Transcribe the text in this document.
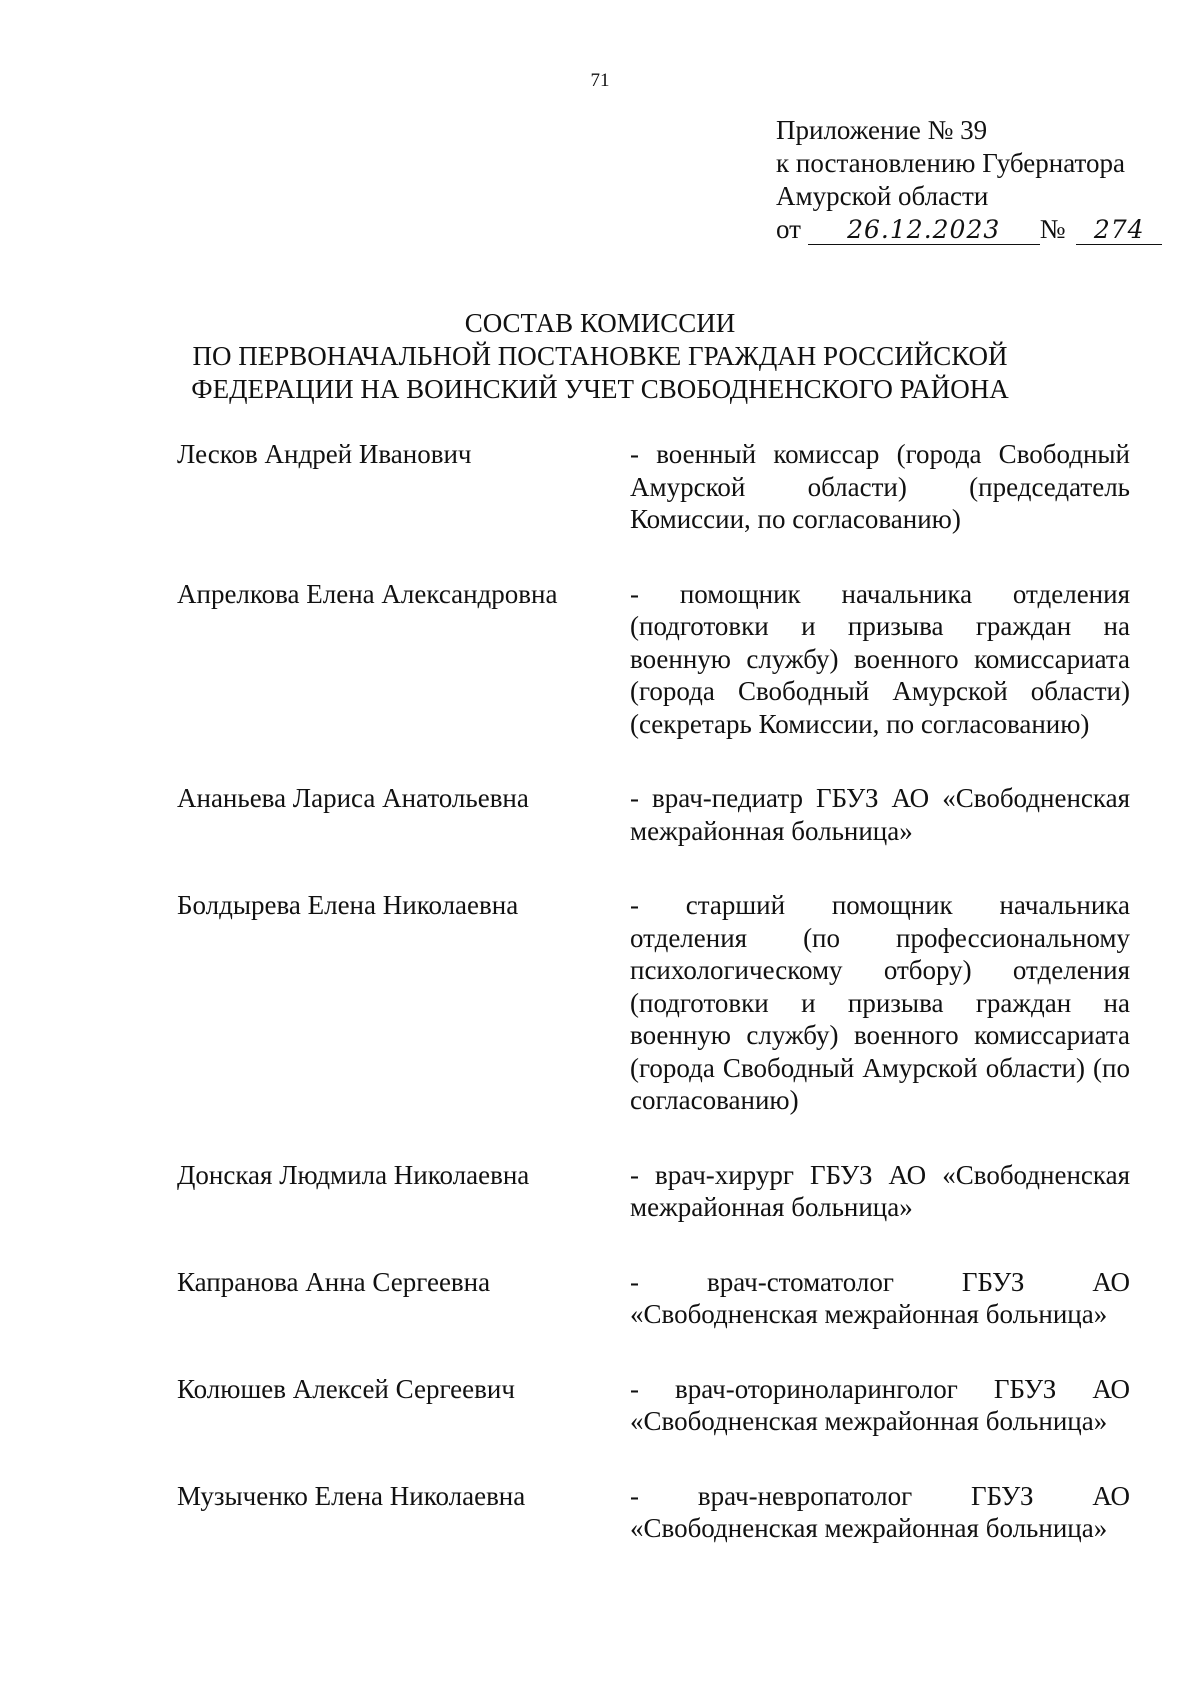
71
Приложение № 39
к постановлению Губернатора
Амурской области
от 26.12.2023 № 274
СОСТАВ КОМИССИИ
ПО ПЕРВОНАЧАЛЬНОЙ ПОСТАНОВКЕ ГРАЖДАН РОССИЙСКОЙ
ФЕДЕРАЦИИ НА ВОИНСКИЙ УЧЕТ СВОБОДНЕНСКОГО РАЙОНА
Лесков Андрей Иванович	- военный комиссар (города Свободный Амурской области) (председатель Комиссии, по согласованию)
Апрелкова Елена Александровна	- помощник начальника отделения (подготовки и призыва граждан на военную службу) военного комиссариата (города Свободный Амурской области) (секретарь Комиссии, по согласованию)
Ананьева Лариса Анатольевна	- врач-педиатр ГБУЗ АО «Свободненская межрайонная больница»
Болдырева Елена Николаевна	- старший помощник начальника отделения (по профессиональному психологическому отбору) отделения (подготовки и призыва граждан на военную службу) военного комиссариата (города Свободный Амурской области) (по согласованию)
Донская Людмила Николаевна	- врач-хирург ГБУЗ АО «Свободненская межрайонная больница»
Капранова Анна Сергеевна	- врач-стоматолог ГБУЗ АО «Свободненская межрайонная больница»
Колюшев Алексей Сергеевич	- врач-оториноларинголог ГБУЗ АО «Свободненская межрайонная больница»
Музыченко Елена Николаевна	- врач-невропатолог ГБУЗ АО «Свободненская межрайонная больница»
